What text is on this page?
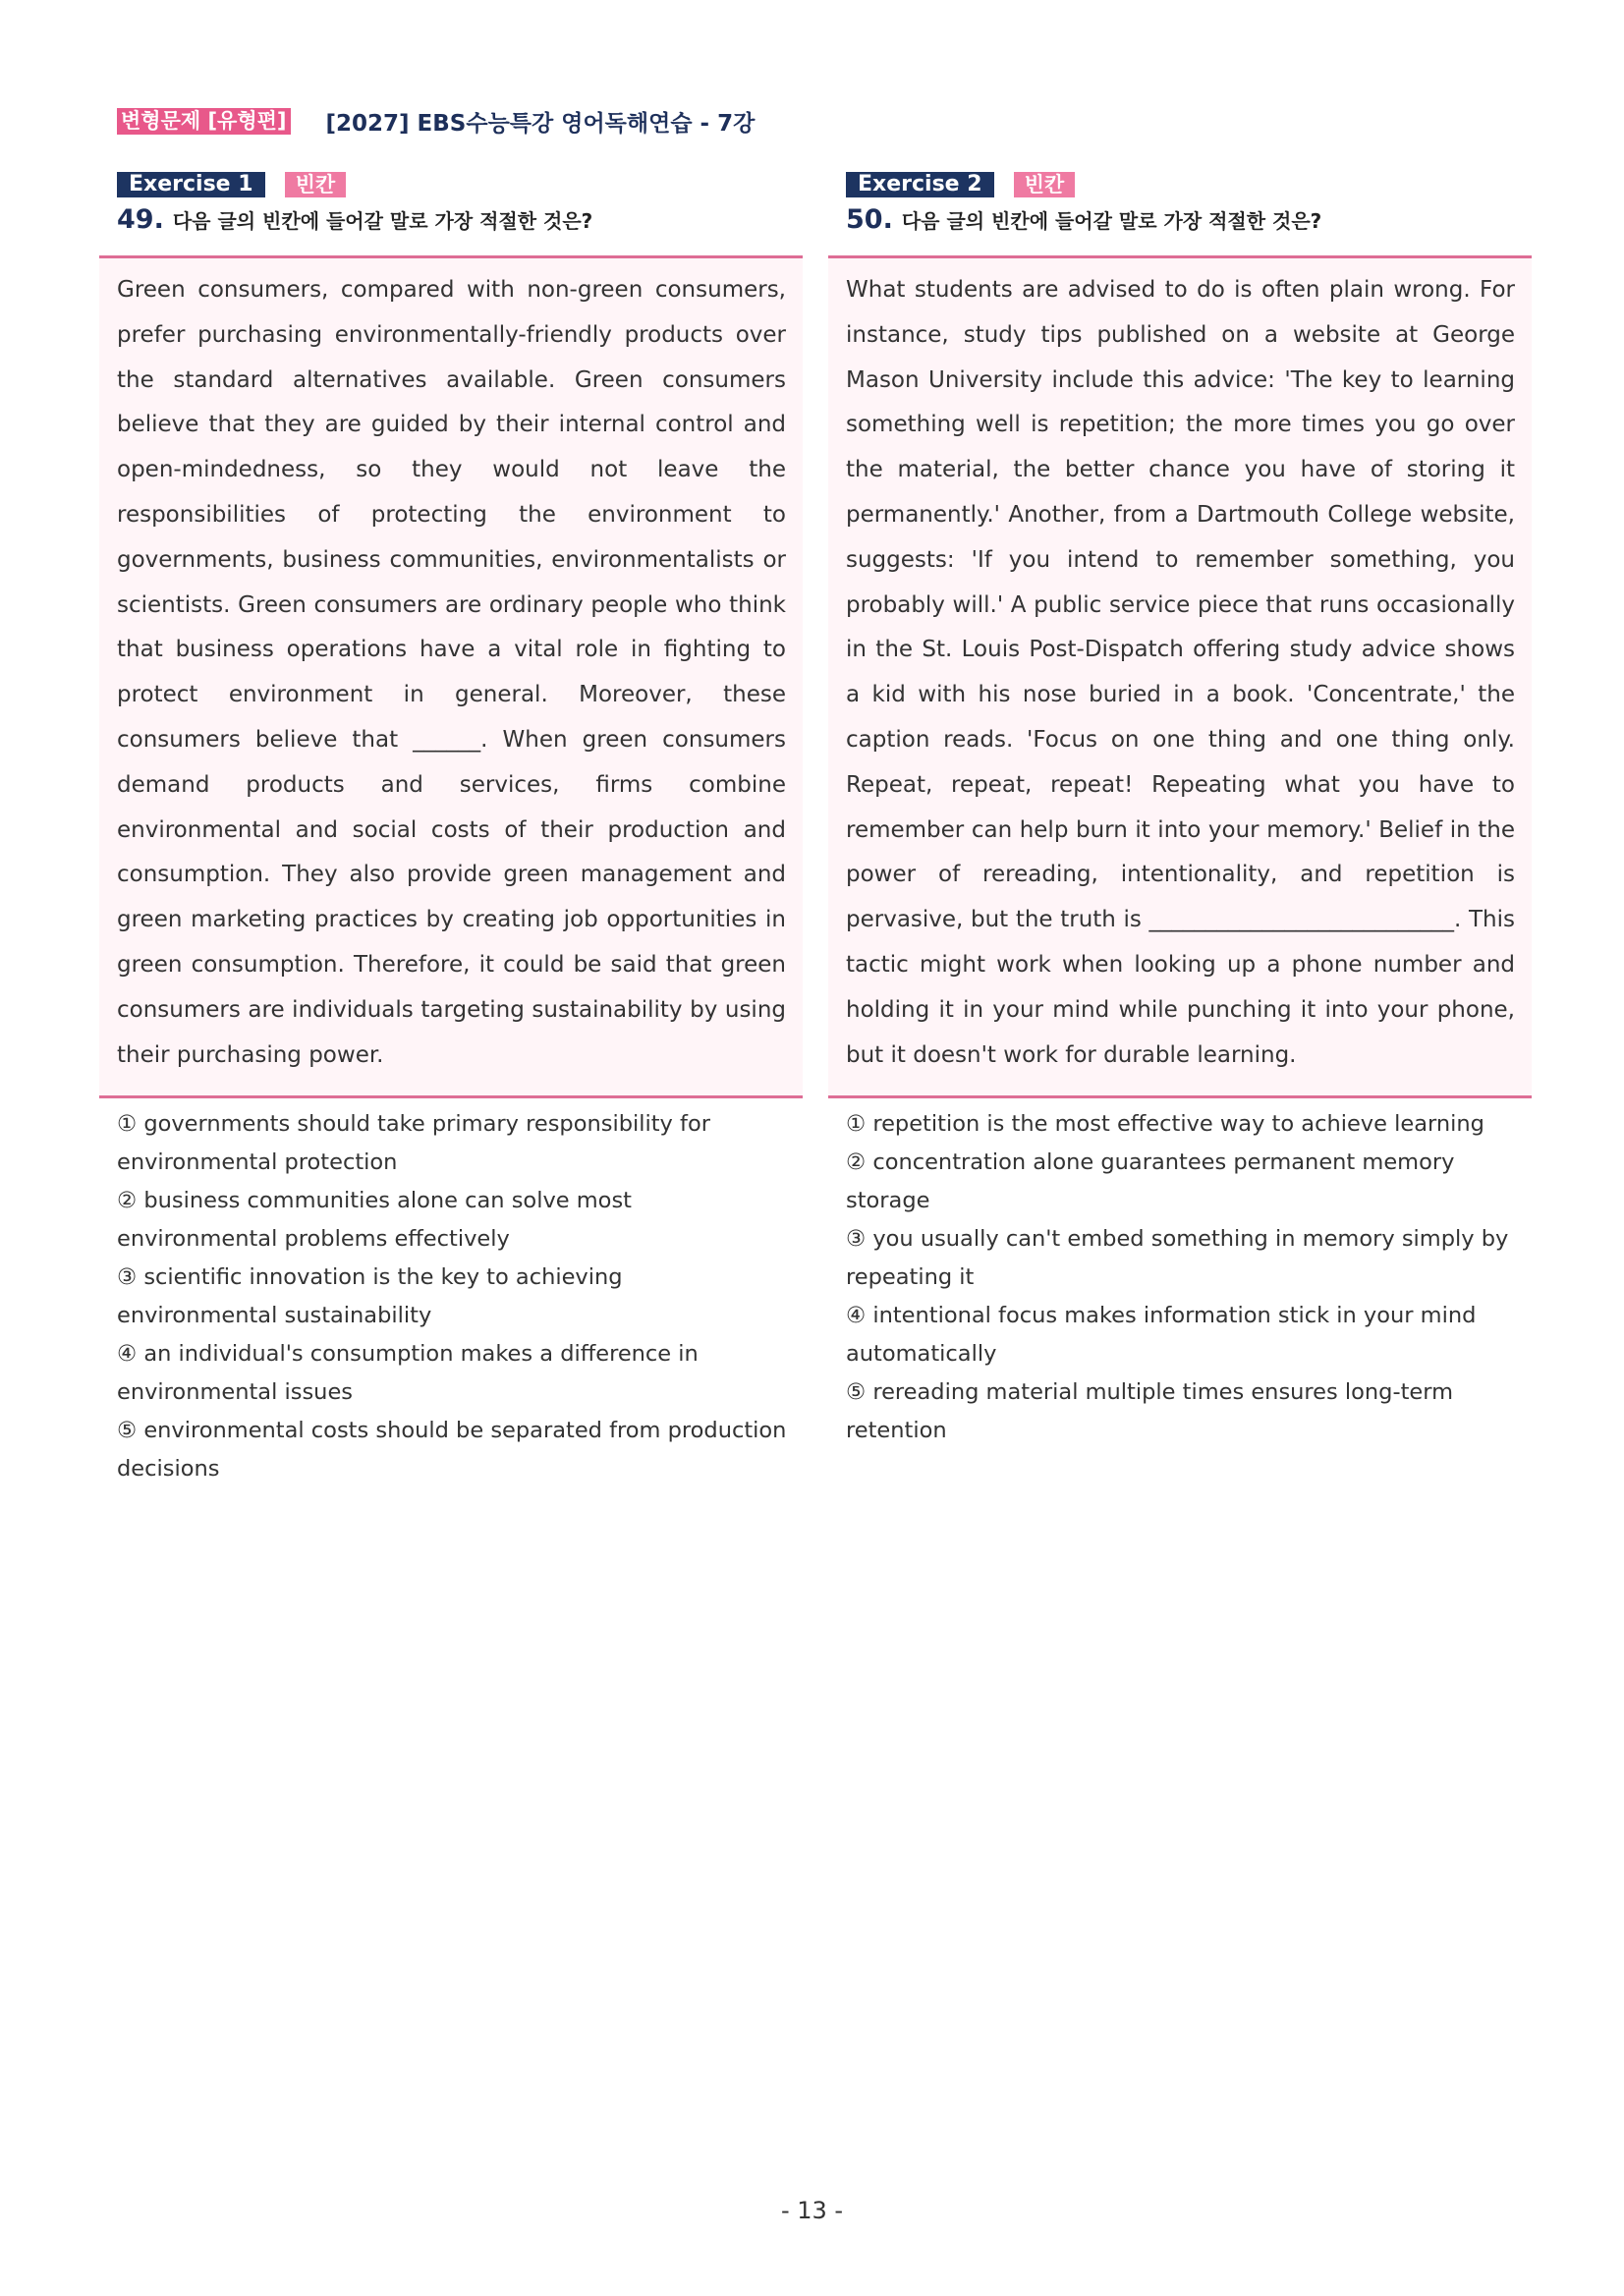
변형문제 [유형편] [2027] EBS수능특강 영어독해연습 - 7강
Exercise 1	빈칸
49. 다음 글의 빈칸에 들어갈 말로 가장 적절한 것은?

Green consumers, compared with non-green consumers, prefer purchasing environmentally-friendly products over the standard alternatives available. Green consumers believe that they are guided by their internal control and open-mindedness, so they would not leave the responsibilities of protecting the environment to governments, business communities, environmentalists or scientists. Green consumers are ordinary people who think that business operations have a vital role in fighting to protect environment in general. Moreover, these consumers believe that ______. When green consumers demand products and services, firms combine environmental and social costs of their production and consumption. They also provide green management and green marketing practices by creating job opportunities in green consumption. Therefore, it could be said that green consumers are individuals targeting sustainability by using their purchasing power.

① governments should take primary responsibility for environmental protection
② business communities alone can solve most environmental problems effectively
③ scientific innovation is the key to achieving environmental sustainability
④ an individual's consumption makes a difference in environmental issues
⑤ environmental costs should be separated from production decisions
Exercise 2	빈칸
50. 다음 글의 빈칸에 들어갈 말로 가장 적절한 것은?

What students are advised to do is often plain wrong. For instance, study tips published on a website at George Mason University include this advice: 'The key to learning something well is repetition; the more times you go over the material, the better chance you have of storing it permanently.' Another, from a Dartmouth College website, suggests: 'If you intend to remember something, you probably will.' A public service piece that runs occasionally in the St. Louis Post-Dispatch offering study advice shows a kid with his nose buried in a book. 'Concentrate,' the caption reads. 'Focus on one thing and one thing only. Repeat, repeat, repeat! Repeating what you have to remember can help burn it into your memory.' Belief in the power of rereading, intentionality, and repetition is pervasive, but the truth is ___________________________. This tactic might work when looking up a phone number and holding it in your mind while punching it into your phone, but it doesn't work for durable learning.

① repetition is the most effective way to achieve learning
② concentration alone guarantees permanent memory storage
③ you usually can't embed something in memory simply by repeating it
④ intentional focus makes information stick in your mind automatically
⑤ rereading material multiple times ensures long-term retention
- 13 -
